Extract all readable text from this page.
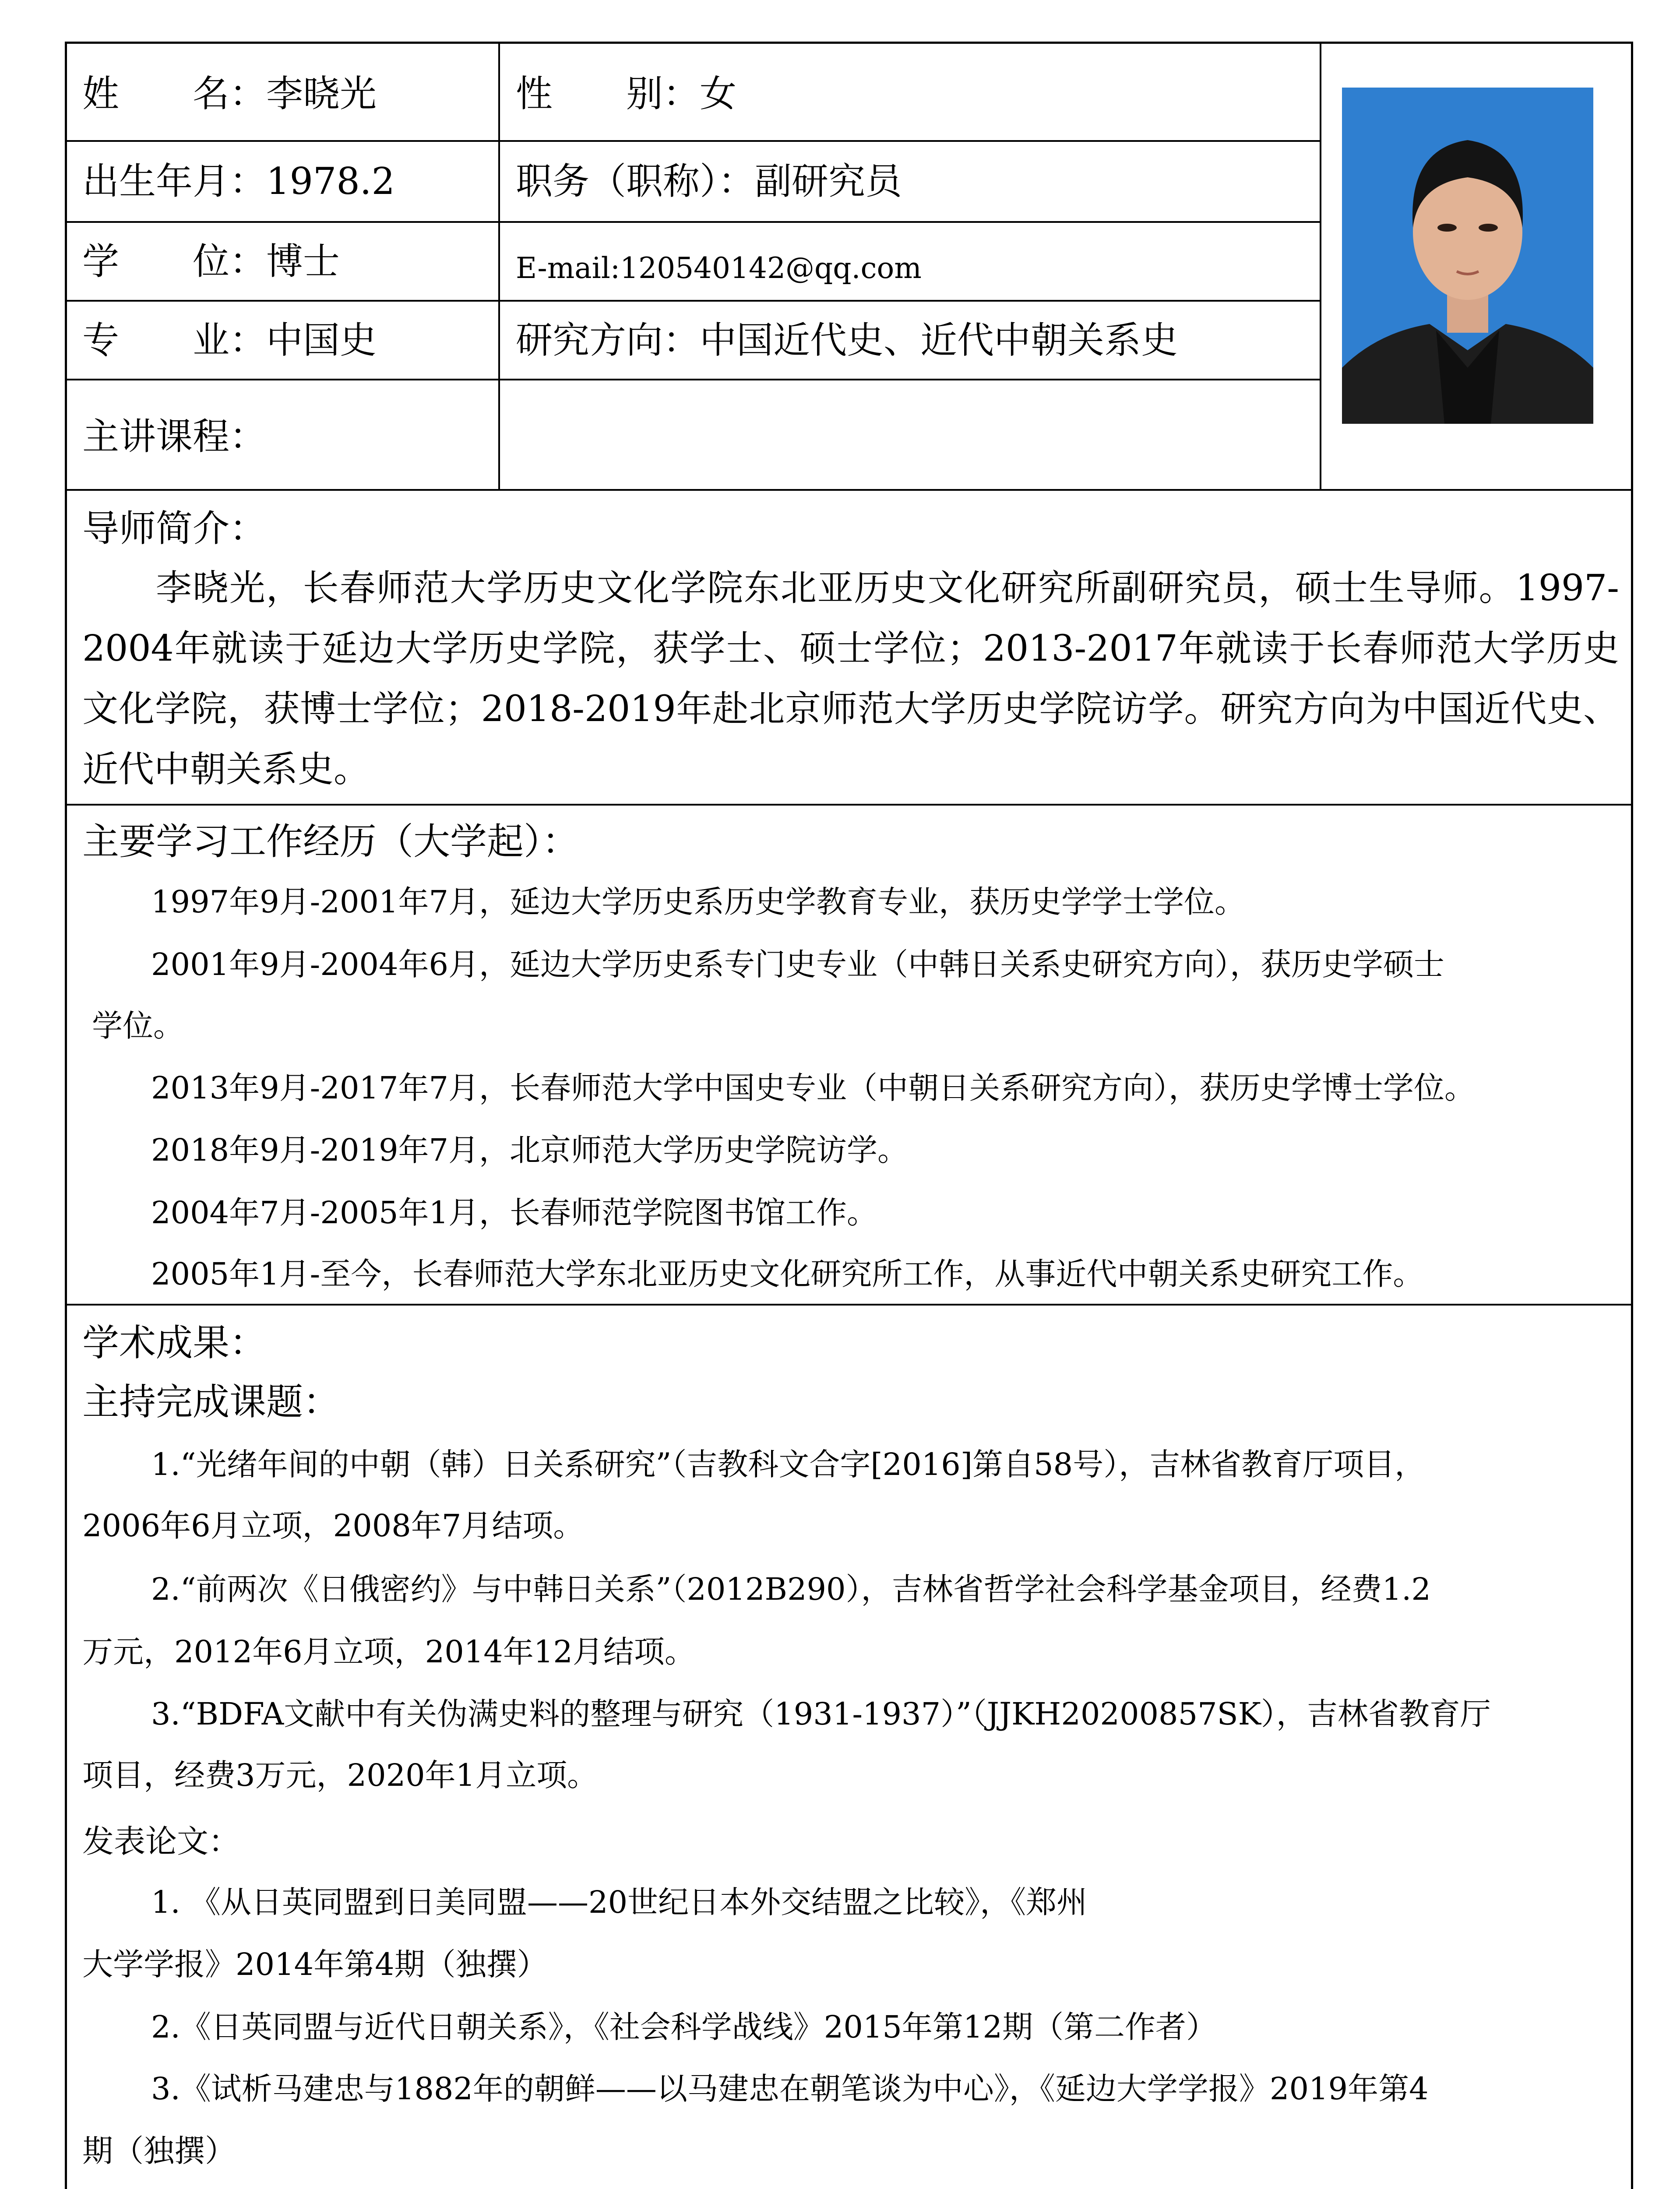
姓　　名：李晓光	性　　别：女
出生年月：1978.2	职务（职称）：副研究员
学　　位：博士	E-mail:120540142@qq.com
专　　业：中国史	研究方向：中国近代史、近代中朝关系史
主讲课程：
导师简介：
　　李晓光，长春师范大学历史文化学院东北亚历史文化研究所副研究员，硕士生导师。1997-2004年就读于延边大学历史学院，获学士、硕士学位；2013-2017年就读于长春师范大学历史文化学院，获博士学位；2018-2019年赴北京师范大学历史学院访学。研究方向为中国近代史、近代中朝关系史。
主要学习工作经历（大学起）：
1997年9月-2001年7月，延边大学历史系历史学教育专业，获历史学学士学位。
2001年9月-2004年6月，延边大学历史系专门史专业（中韩日关系史研究方向），获历史学硕士
学位。
2013年9月-2017年7月，长春师范大学中国史专业（中朝日关系研究方向），获历史学博士学位。
2018年9月-2019年7月，北京师范大学历史学院访学。
2004年7月-2005年1月，长春师范学院图书馆工作。
2005年1月-至今，长春师范大学东北亚历史文化研究所工作，从事近代中朝关系史研究工作。
学术成果：
主持完成课题：
1.“光绪年间的中朝（韩）日关系研究”（吉教科文合字[2016]第自58号），吉林省教育厅项目，
2006年6月立项，2008年7月结项。
2.“前两次《日俄密约》与中韩日关系”（2012B290），吉林省哲学社会科学基金项目，经费1.2
万元，2012年6月立项，2014年12月结项。
3.“BDFA文献中有关伪满史料的整理与研究（1931-1937）”（JJKH20200857SK），吉林省教育厅
项目，经费3万元，2020年1月立项。
发表论文：
1. 《从日英同盟到日美同盟——20世纪日本外交结盟之比较》，《郑州
大学学报》2014年第4期（独撰）
2.《日英同盟与近代日朝关系》，《社会科学战线》2015年第12期（第二作者）
3.《试析马建忠与1882年的朝鲜——以马建忠在朝笔谈为中心》，《延边大学学报》2019年第4
期（独撰）
